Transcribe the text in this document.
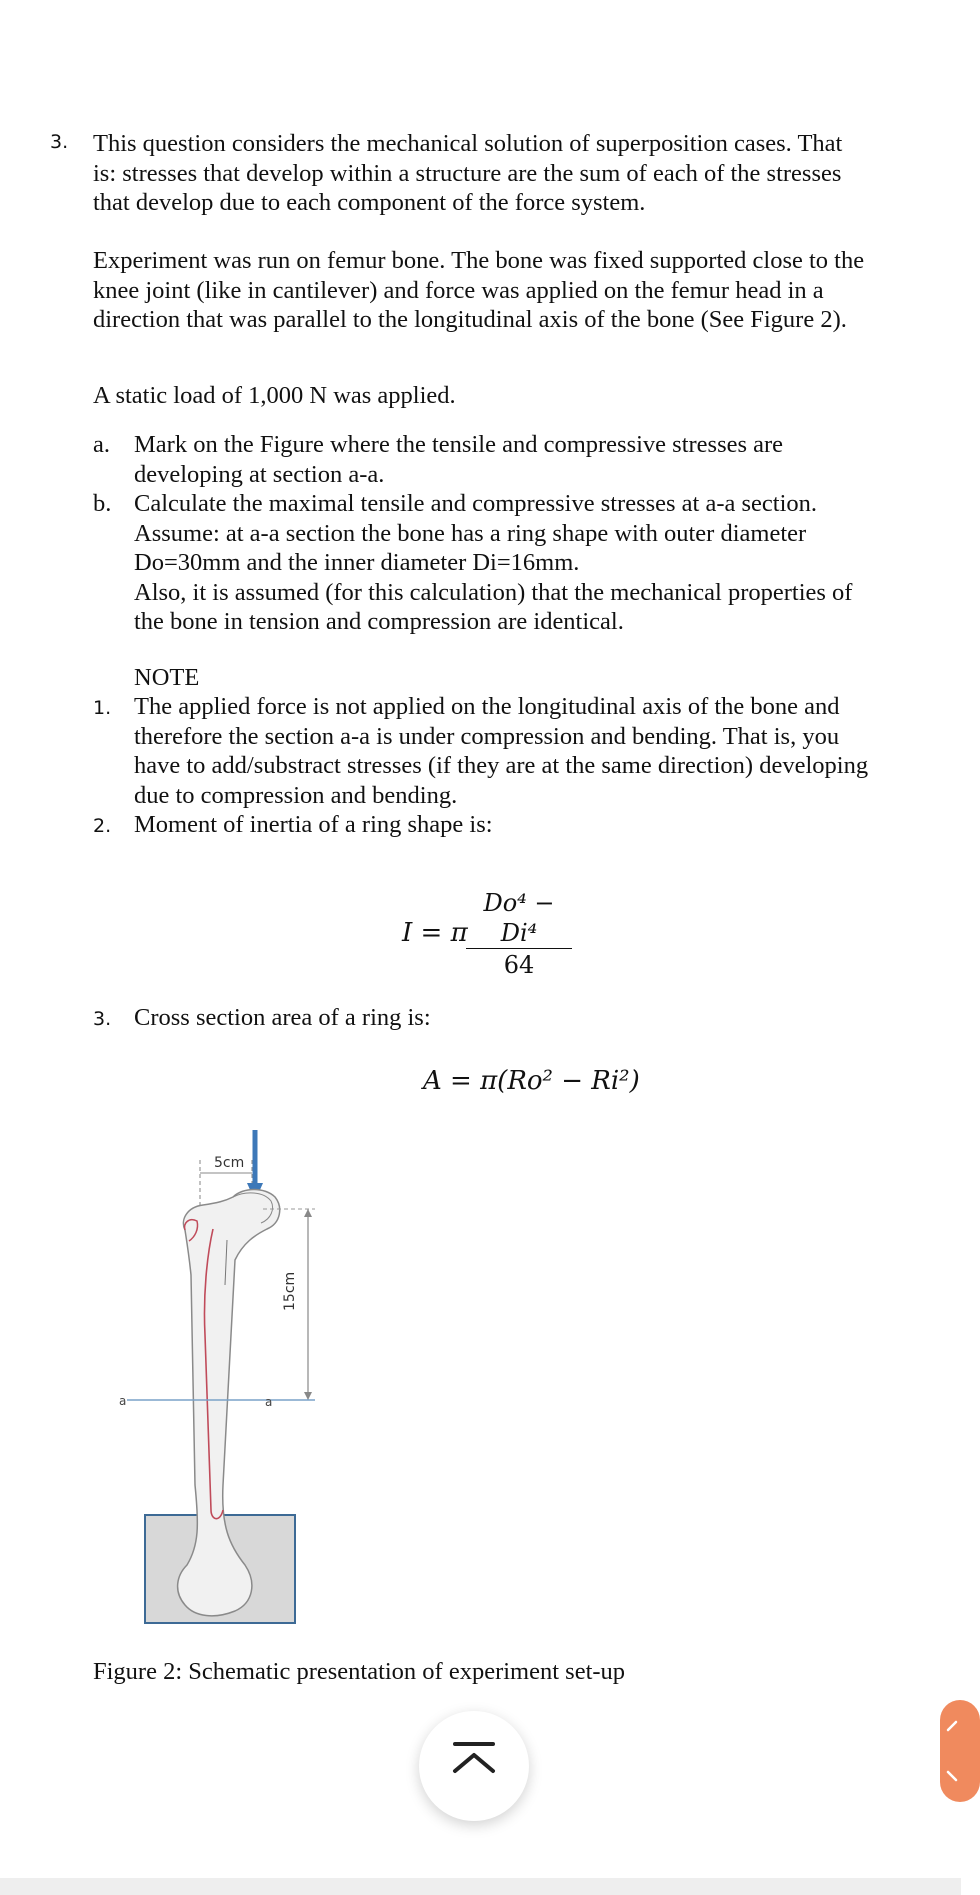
3. This question considers the mechanical solution of superposition cases. That
is: stresses that develop within a structure are the sum of each of the stresses
that develop due to each component of the force system.
Experiment was run on femur bone. The bone was fixed supported close to the
knee joint (like in cantilever) and force was applied on the femur head in a
direction that was parallel to the longitudinal axis of the bone (See Figure 2).
A static load of 1,000 N was applied.
a. Mark on the Figure where the tensile and compressive stresses are
developing at section a-a.
b. Calculate the maximal tensile and compressive stresses at a-a section.
Assume: at a-a section the bone has a ring shape with outer diameter
Do=30mm and the inner diameter Di=16mm.
Also, it is assumed (for this calculation) that the mechanical properties of
the bone in tension and compression are identical.
NOTE
1. The applied force is not applied on the longitudinal axis of the bone and
therefore the section a-a is under compression and bending. That is, you
have to add/substract stresses (if they are at the same direction) developing
due to compression and bending.
2. Moment of inertia of a ring shape is:
I = π
Do⁴ − Di⁴
64
3. Cross section area of a ring is:
A = π(Ro² − Ri²)
5cm
15cm
a	a
Figure 2: Schematic presentation of experiment set-up
